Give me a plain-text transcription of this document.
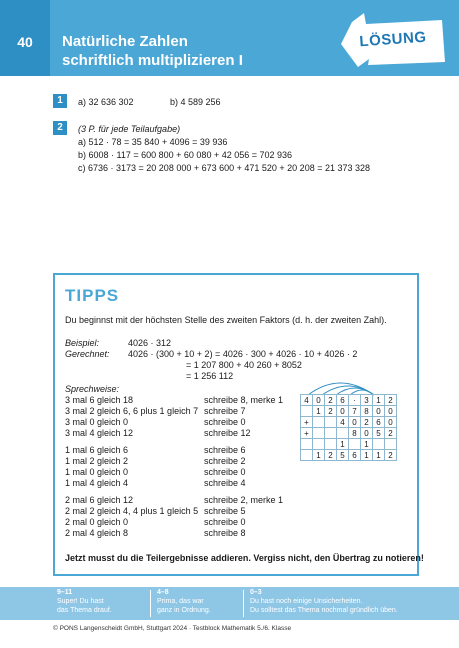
40	Natürliche Zahlen
schriftlich multiplizieren I
LÖSUNG
1	a) 32 636 302	b) 4 589 256
2	(3 P. für jede Teilaufgabe)
a) 512 · 78 = 35 840 + 4096 = 39 936
b) 6008 · 117 = 600 800 + 60 080 + 42 056 = 702 936
c) 6736 · 3173 = 20 208 000 + 673 600 + 471 520 + 20 208 = 21 373 328
TIPPS
Du beginnst mit der höchsten Stelle des zweiten Faktors (d. h. der zweiten Zahl).
Beispiel:	4026 · 312
Gerechnet: 4026 · (300 + 10 + 2) = 4026 · 300 + 4026 · 10 + 4026 · 2
= 1 207 800 + 40 260 + 8052
= 1 256 112
Sprechweise:
3 mal 6 gleich 18	schreibe 8, merke 1
3 mal 2 gleich 6, 6 plus 1 gleich 7 schreibe 7
3 mal 0 gleich 0	schreibe 0
3 mal 4 gleich 12	schreibe 12
1 mal 6 gleich 6	schreibe 6
1 mal 2 gleich 2	schreibe 2
1 mal 0 gleich 0	schreibe 0
1 mal 4 gleich 4	schreibe 4
2 mal 6 gleich 12	schreibe 2, merke 1
2 mal 2 gleich 4, 4 plus 1 gleich 5 schreibe 5
2 mal 0 gleich 0	schreibe 0
2 mal 4 gleich 8	schreibe 8
Jetzt musst du die Teilergebnisse addieren. Vergiss nicht, den Übertrag zu notieren!
4	0	2	6	·	3	1	2
	1	2	0	7	8	0	0
+			4	0	2	6	0
+				8	0	5	2
			1		1		
	1	2	5	6	1	1	2
9–11
Super! Du hast
das Thema drauf.
4–8
Prima, das war
ganz in Ordnung.
0–3
Du hast noch einige Unsicherheiten.
Du solltest das Thema nochmal gründlich üben.
© PONS Langenscheidt GmbH, Stuttgart 2024 · Testblock Mathematik 5./6. Klasse
